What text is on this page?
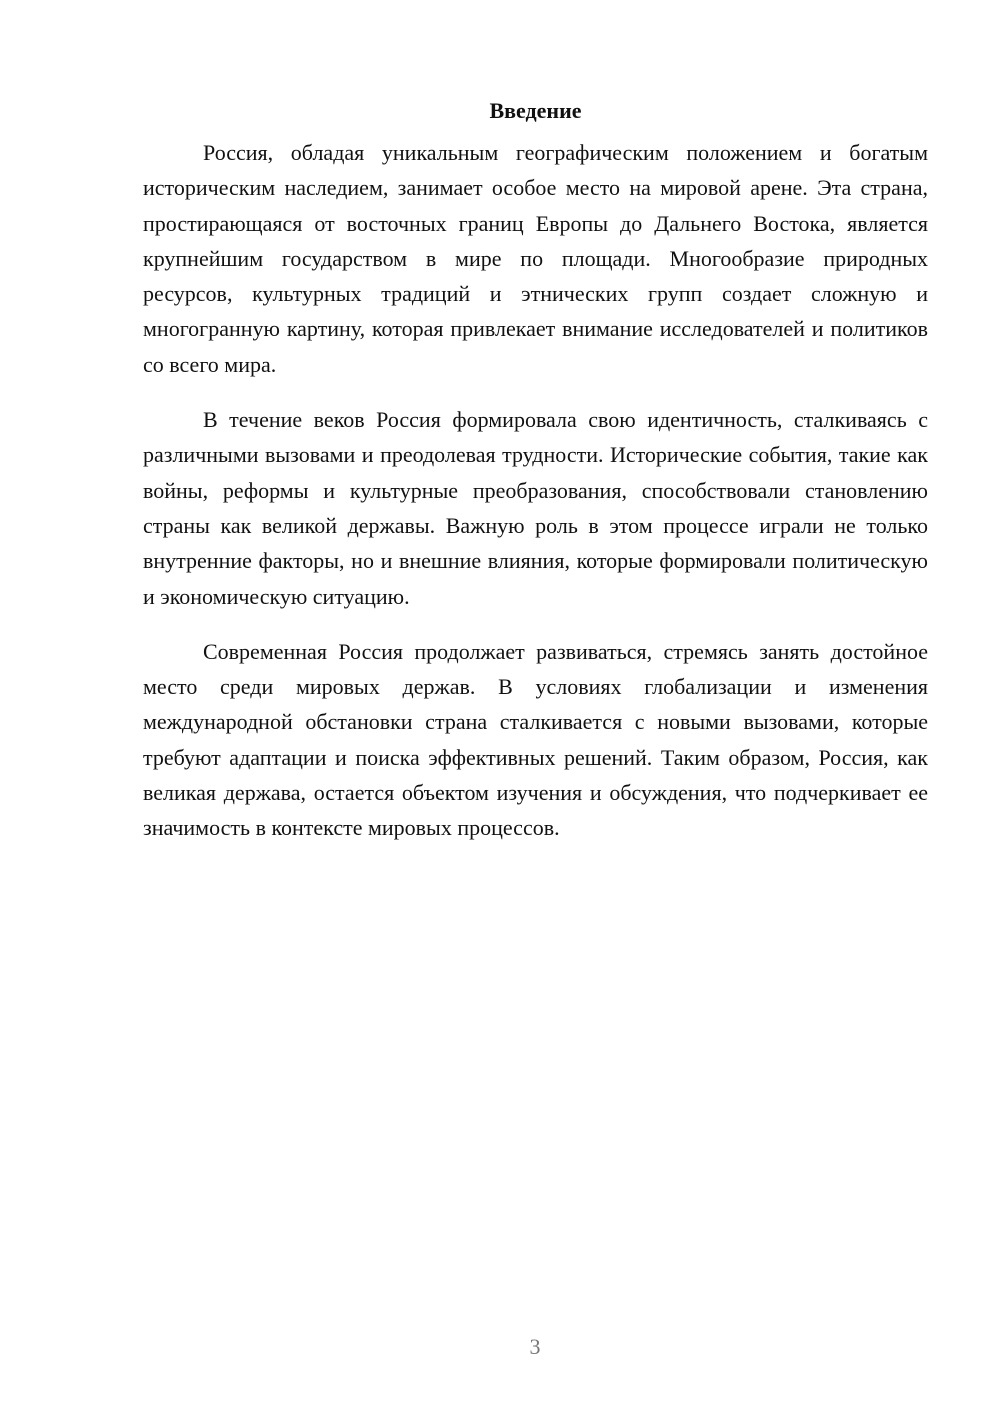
Введение

Россия, обладая уникальным географическим положением и богатым историческим наследием, занимает особое место на мировой арене. Эта страна, простирающаяся от восточных границ Европы до Дальнего Востока, является крупнейшим государством в мире по площади. Многообразие природных ресурсов, культурных традиций и этнических групп создает сложную и многогранную картину, которая привлекает внимание исследователей и политиков со всего мира.

В течение веков Россия формировала свою идентичность, сталкиваясь с различными вызовами и преодолевая трудности. Исторические события, такие как войны, реформы и культурные преобразования, способствовали становлению страны как великой державы. Важную роль в этом процессе играли не только внутренние факторы, но и внешние влияния, которые формировали политическую и экономическую ситуацию.

Современная Россия продолжает развиваться, стремясь занять достойное место среди мировых держав. В условиях глобализации и изменения международной обстановки страна сталкивается с новыми вызовами, которые требуют адаптации и поиска эффективных решений. Таким образом, Россия, как великая держава, остается объектом изучения и обсуждения, что подчеркивает ее значимость в контексте мировых процессов.

3
